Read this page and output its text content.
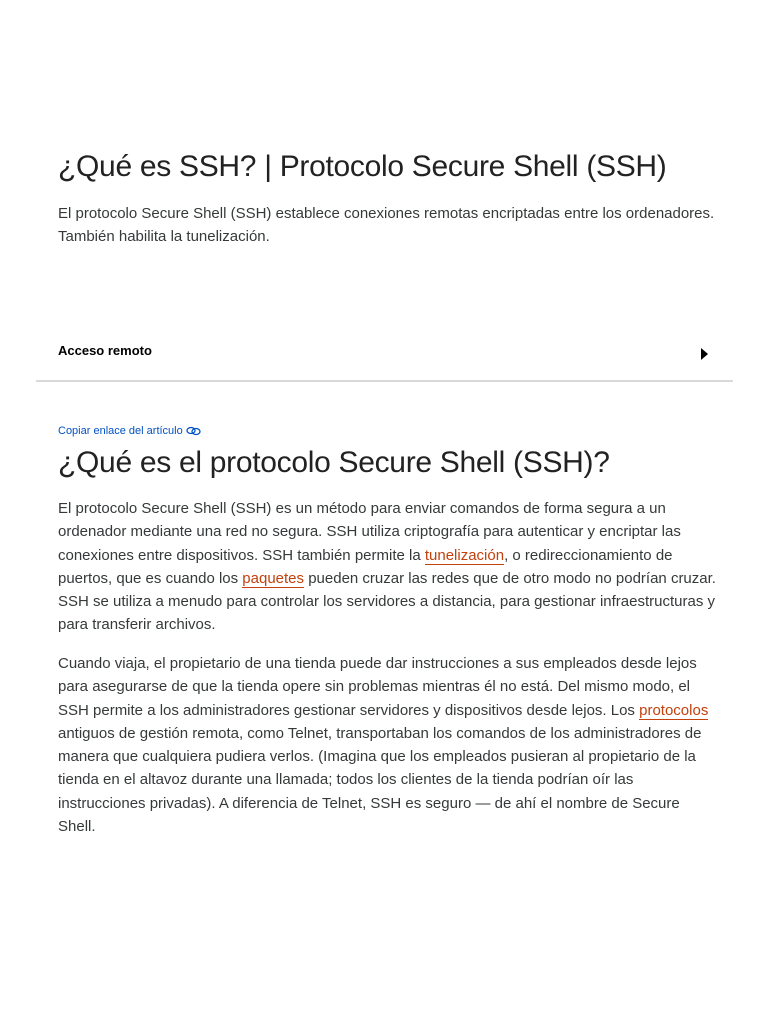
¿Qué es SSH? | Protocolo Secure Shell (SSH)

El protocolo Secure Shell (SSH) establece conexiones remotas encriptadas entre los ordenadores. También habilita la tunelización.

Acceso remoto
Copiar enlace del artículo
¿Qué es el protocolo Secure Shell (SSH)?

El protocolo Secure Shell (SSH) es un método para enviar comandos de forma segura a un ordenador mediante una red no segura. SSH utiliza criptografía para autenticar y encriptar las conexiones entre dispositivos. SSH también permite la tunelización, o redireccionamiento de puertos, que es cuando los paquetes pueden cruzar las redes que de otro modo no podrían cruzar. SSH se utiliza a menudo para controlar los servidores a distancia, para gestionar infraestructuras y para transferir archivos.

Cuando viaja, el propietario de una tienda puede dar instrucciones a sus empleados desde lejos para asegurarse de que la tienda opere sin problemas mientras él no está. Del mismo modo, el SSH permite a los administradores gestionar servidores y dispositivos desde lejos. Los protocolos antiguos de gestión remota, como Telnet, transportaban los comandos de los administradores de manera que cualquiera pudiera verlos. (Imagina que los empleados pusieran al propietario de la tienda en el altavoz durante una llamada; todos los clientes de la tienda podrían oír las instrucciones privadas). A diferencia de Telnet, SSH es seguro — de ahí el nombre de Secure Shell.
